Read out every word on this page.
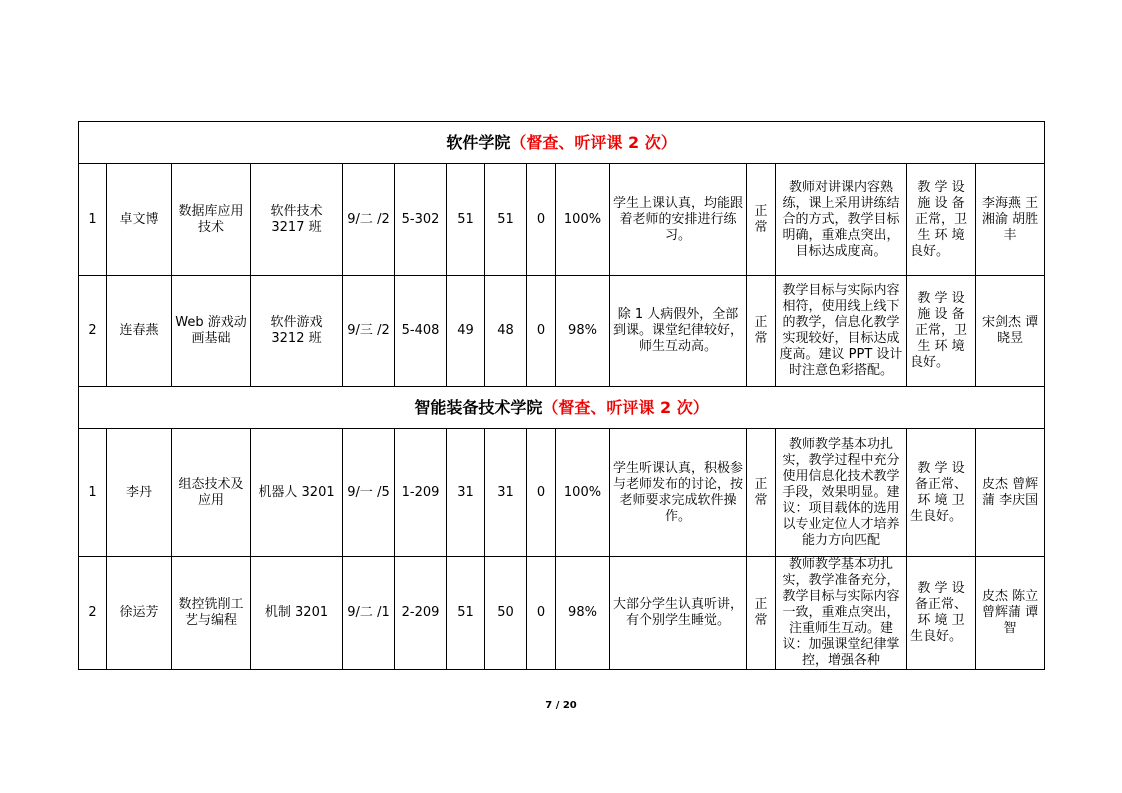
软件学院（督查、听评课 2 次）														
1	卓文博	数据库应用技术	软件技术 3217 班	9/二 /2	5-302	51	51	0	100%	学生上课认真，均能跟着老师的安排进行练习。	正常	教师对讲课内容熟练，课上采用讲练结合的方式，教学目标明确，重难点突出，目标达成度高。	教 学 设 施 设 备 正常，卫 生 环 境 良好。	李海燕 王湘渝 胡胜丰
2	连春燕	Web 游戏动画基础	软件游戏 3212 班	9/三 /2	5-408	49	48	0	98%	除 1 人病假外，全部到课。课堂纪律较好，师生互动高。	正常	教学目标与实际内容相符，使用线上线下的教学，信息化教学实现较好，目标达成度高。建议 PPT 设计时注意色彩搭配。	教 学 设 施 设 备 正常，卫 生 环 境 良好。	宋剑杰 谭晓昱
智能装备技术学院（督查、听评课 2 次）														
1	李丹	组态技术及应用	机器人 3201	9/一 /5	1-209	31	31	0	100%	学生听课认真，积极参与老师发布的讨论，按老师要求完成软件操作。	正常	教师教学基本功扎实，教学过程中充分使用信息化技术教学手段，效果明显。建议：项目载体的选用以专业定位人才培养能力方向匹配	教 学 设 备正常、环 境 卫 生良好。	皮杰 曾辉蒲 李庆国
2	徐运芳	数控铣削工艺与编程	机制 3201	9/二 /1	2-209	51	50	0	98%	大部分学生认真听讲，有个别学生睡觉。	正常	教师教学基本功扎实，教学准备充分，教学目标与实际内容一致，重难点突出，注重师生互动。建议：加强课堂纪律掌控，增强各种	教 学 设 备正常、环 境 卫 生良好。	皮杰 陈立 曾辉蒲 谭智
7 / 20
